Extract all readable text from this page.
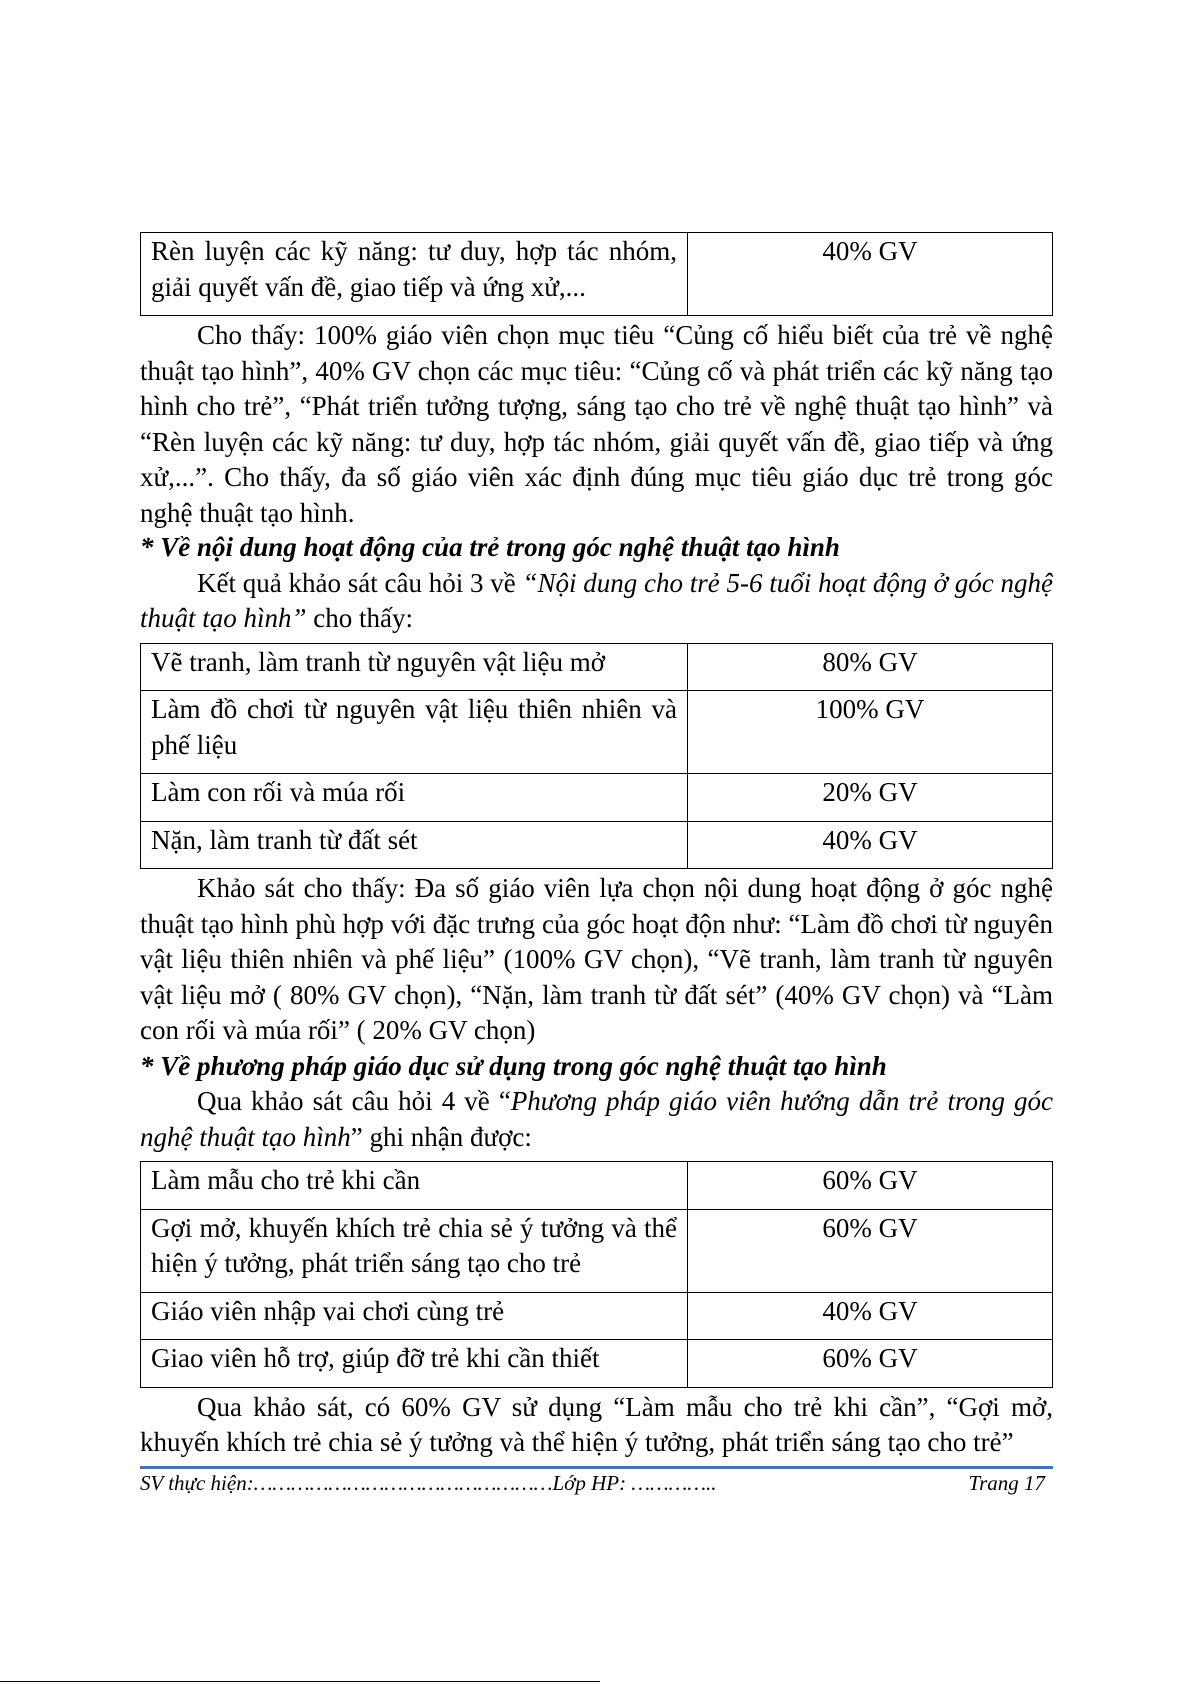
Rèn luyện các kỹ năng: tư duy, hợp tác nhóm, giải quyết vấn đề, giao tiếp và ứng xử,...	40% GV

Cho thấy: 100% giáo viên chọn mục tiêu “Củng cố hiểu biết của trẻ về nghệ thuật tạo hình”, 40% GV chọn các mục tiêu: “Củng cố và phát triển các kỹ năng tạo hình cho trẻ”, “Phát triển tưởng tượng, sáng tạo cho trẻ về nghệ thuật tạo hình” và “Rèn luyện các kỹ năng: tư duy, hợp tác nhóm, giải quyết vấn đề, giao tiếp và ứng xử,...”. Cho thấy, đa số giáo viên xác định đúng mục tiêu giáo dục trẻ trong góc nghệ thuật tạo hình.

* Về nội dung hoạt động của trẻ trong góc nghệ thuật tạo hình

Kết quả khảo sát câu hỏi 3 về “Nội dung cho trẻ 5-6 tuổi hoạt động ở góc nghệ thuật tạo hình” cho thấy:

Vẽ tranh, làm tranh từ nguyên vật liệu mở	80% GV
Làm đồ chơi từ nguyên vật liệu thiên nhiên và phế liệu	100% GV
Làm con rối và múa rối	20% GV
Nặn, làm tranh từ đất sét	40% GV

Khảo sát cho thấy: Đa số giáo viên lựa chọn nội dung hoạt động ở góc nghệ thuật tạo hình phù hợp với đặc trưng của góc hoạt độn như: “Làm đồ chơi từ nguyên vật liệu thiên nhiên và phế liệu” (100% GV chọn), “Vẽ tranh, làm tranh từ nguyên vật liệu mở ( 80% GV chọn), “Nặn, làm tranh từ đất sét” (40% GV chọn) và “Làm con rối và múa rối” ( 20% GV chọn)

* Về phương pháp giáo dục sử dụng trong góc nghệ thuật tạo hình

Qua khảo sát câu hỏi 4 về “Phương pháp giáo viên hướng dẫn trẻ trong góc nghệ thuật tạo hình” ghi nhận được:

Làm mẫu cho trẻ khi cần	60% GV
Gợi mở, khuyến khích trẻ chia sẻ ý tưởng và thể hiện ý tưởng, phát triển sáng tạo cho trẻ	60% GV
Giáo viên nhập vai chơi cùng trẻ	40% GV
Giao viên hỗ trợ, giúp đỡ trẻ khi cần thiết	60% GV

Qua khảo sát, có 60% GV sử dụng “Làm mẫu cho trẻ khi cần”, “Gợi mở, khuyến khích trẻ chia sẻ ý tưởng và thể hiện ý tưởng, phát triển sáng tạo cho trẻ”

SV thực hiện:…………………………………………Lớp HP: …………..	Trang 17
